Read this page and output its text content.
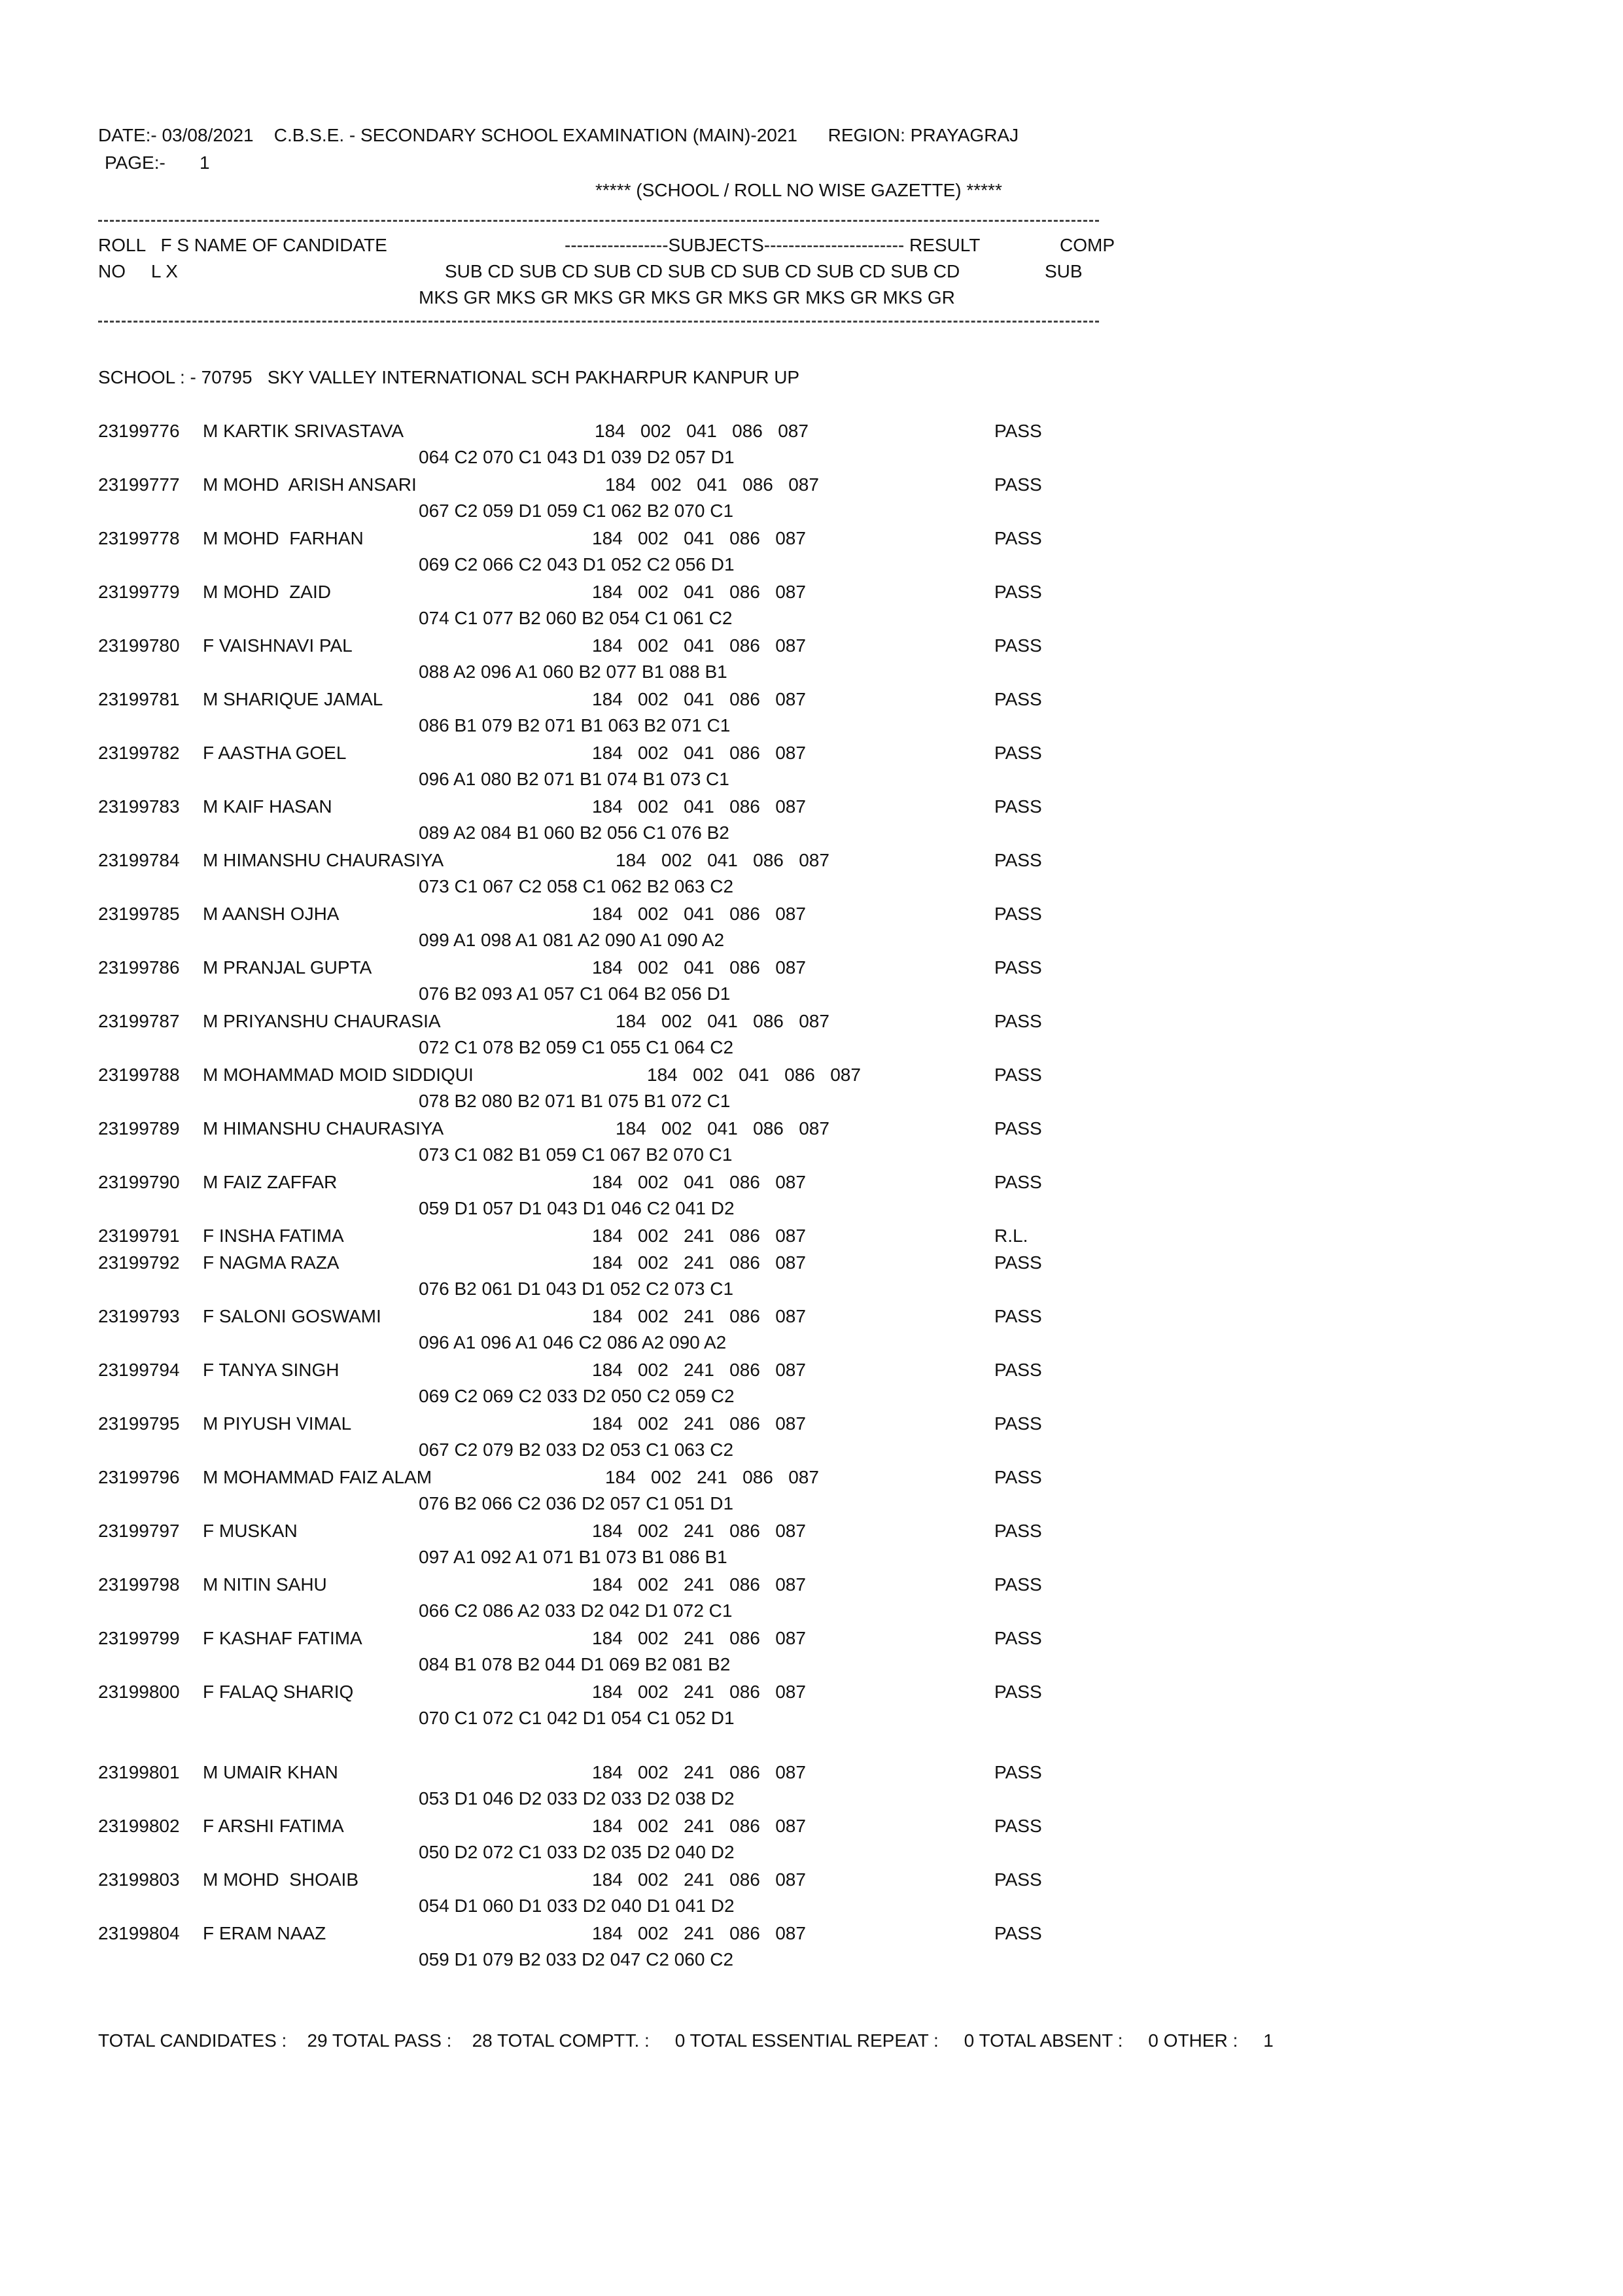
DATE:- 03/08/2021    C.B.S.E. - SECONDARY SCHOOL EXAMINATION (MAIN)-2021      REGION: PRAYAGRAJ
PAGE:- 1
***** (SCHOOL / ROLL NO WISE GAZETTE) *****
ROLL   F S NAME OF CANDIDATE	-----------------SUBJECTS----------------------- RESULT	COMP
NO     L X	SUB CD SUB CD SUB CD SUB CD SUB CD SUB CD SUB CD	SUB
MKS GR MKS GR MKS GR MKS GR MKS GR MKS GR MKS GR
SCHOOL : - 70795   SKY VALLEY INTERNATIONAL SCH PAKHARPUR KANPUR UP
23199776 M KARTIK SRIVASTAVA	184   002   041   086   087	PASS
064 C2 070 C1 043 D1 039 D2 057 D1
23199777 M MOHD  ARISH ANSARI	184   002   041   086   087	PASS
067 C2 059 D1 059 C1 062 B2 070 C1
23199778 M MOHD  FARHAN	184   002   041   086   087	PASS
069 C2 066 C2 043 D1 052 C2 056 D1
23199779 M MOHD  ZAID	184   002   041   086   087	PASS
074 C1 077 B2 060 B2 054 C1 061 C2
23199780 F VAISHNAVI PAL	184   002   041   086   087	PASS
088 A2 096 A1 060 B2 077 B1 088 B1
23199781 M SHARIQUE JAMAL	184   002   041   086   087	PASS
086 B1 079 B2 071 B1 063 B2 071 C1
23199782 F AASTHA GOEL	184   002   041   086   087	PASS
096 A1 080 B2 071 B1 074 B1 073 C1
23199783 M KAIF HASAN	184   002   041   086   087	PASS
089 A2 084 B1 060 B2 056 C1 076 B2
23199784 M HIMANSHU CHAURASIYA	184   002   041   086   087	PASS
073 C1 067 C2 058 C1 062 B2 063 C2
23199785 M AANSH OJHA	184   002   041   086   087	PASS
099 A1 098 A1 081 A2 090 A1 090 A2
23199786 M PRANJAL GUPTA	184   002   041   086   087	PASS
076 B2 093 A1 057 C1 064 B2 056 D1
23199787 M PRIYANSHU CHAURASIA	184   002   041   086   087	PASS
072 C1 078 B2 059 C1 055 C1 064 C2
23199788 M MOHAMMAD MOID SIDDIQUI	184   002   041   086   087	PASS
078 B2 080 B2 071 B1 075 B1 072 C1
23199789 M HIMANSHU CHAURASIYA	184   002   041   086   087	PASS
073 C1 082 B1 059 C1 067 B2 070 C1
23199790 M FAIZ ZAFFAR	184   002   041   086   087	PASS
059 D1 057 D1 043 D1 046 C2 041 D2
23199791 F INSHA FATIMA	184   002   241   086   087	R.L.
23199792 F NAGMA RAZA	184   002   241   086   087	PASS
076 B2 061 D1 043 D1 052 C2 073 C1
23199793 F SALONI GOSWAMI	184   002   241   086   087	PASS
096 A1 096 A1 046 C2 086 A2 090 A2
23199794 F TANYA SINGH	184   002   241   086   087	PASS
069 C2 069 C2 033 D2 050 C2 059 C2
23199795 M PIYUSH VIMAL	184   002   241   086   087	PASS
067 C2 079 B2 033 D2 053 C1 063 C2
23199796 M MOHAMMAD FAIZ ALAM	184   002   241   086   087	PASS
076 B2 066 C2 036 D2 057 C1 051 D1
23199797 F MUSKAN	184   002   241   086   087	PASS
097 A1 092 A1 071 B1 073 B1 086 B1
23199798 M NITIN SAHU	184   002   241   086   087	PASS
066 C2 086 A2 033 D2 042 D1 072 C1
23199799 F KASHAF FATIMA	184   002   241   086   087	PASS
084 B1 078 B2 044 D1 069 B2 081 B2
23199800 F FALAQ SHARIQ	184   002   241   086   087	PASS
070 C1 072 C1 042 D1 054 C1 052 D1
23199801 M UMAIR KHAN	184   002   241   086   087	PASS
053 D1 046 D2 033 D2 033 D2 038 D2
23199802 F ARSHI FATIMA	184   002   241   086   087	PASS
050 D2 072 C1 033 D2 035 D2 040 D2
23199803 M MOHD  SHOAIB	184   002   241   086   087	PASS
054 D1 060 D1 033 D2 040 D1 041 D2
23199804 F ERAM NAAZ	184   002   241   086   087	PASS
059 D1 079 B2 033 D2 047 C2 060 C2
TOTAL CANDIDATES :    29 TOTAL PASS :    28 TOTAL COMPTT. :     0 TOTAL ESSENTIAL REPEAT :     0 TOTAL ABSENT :     0 OTHER :     1
